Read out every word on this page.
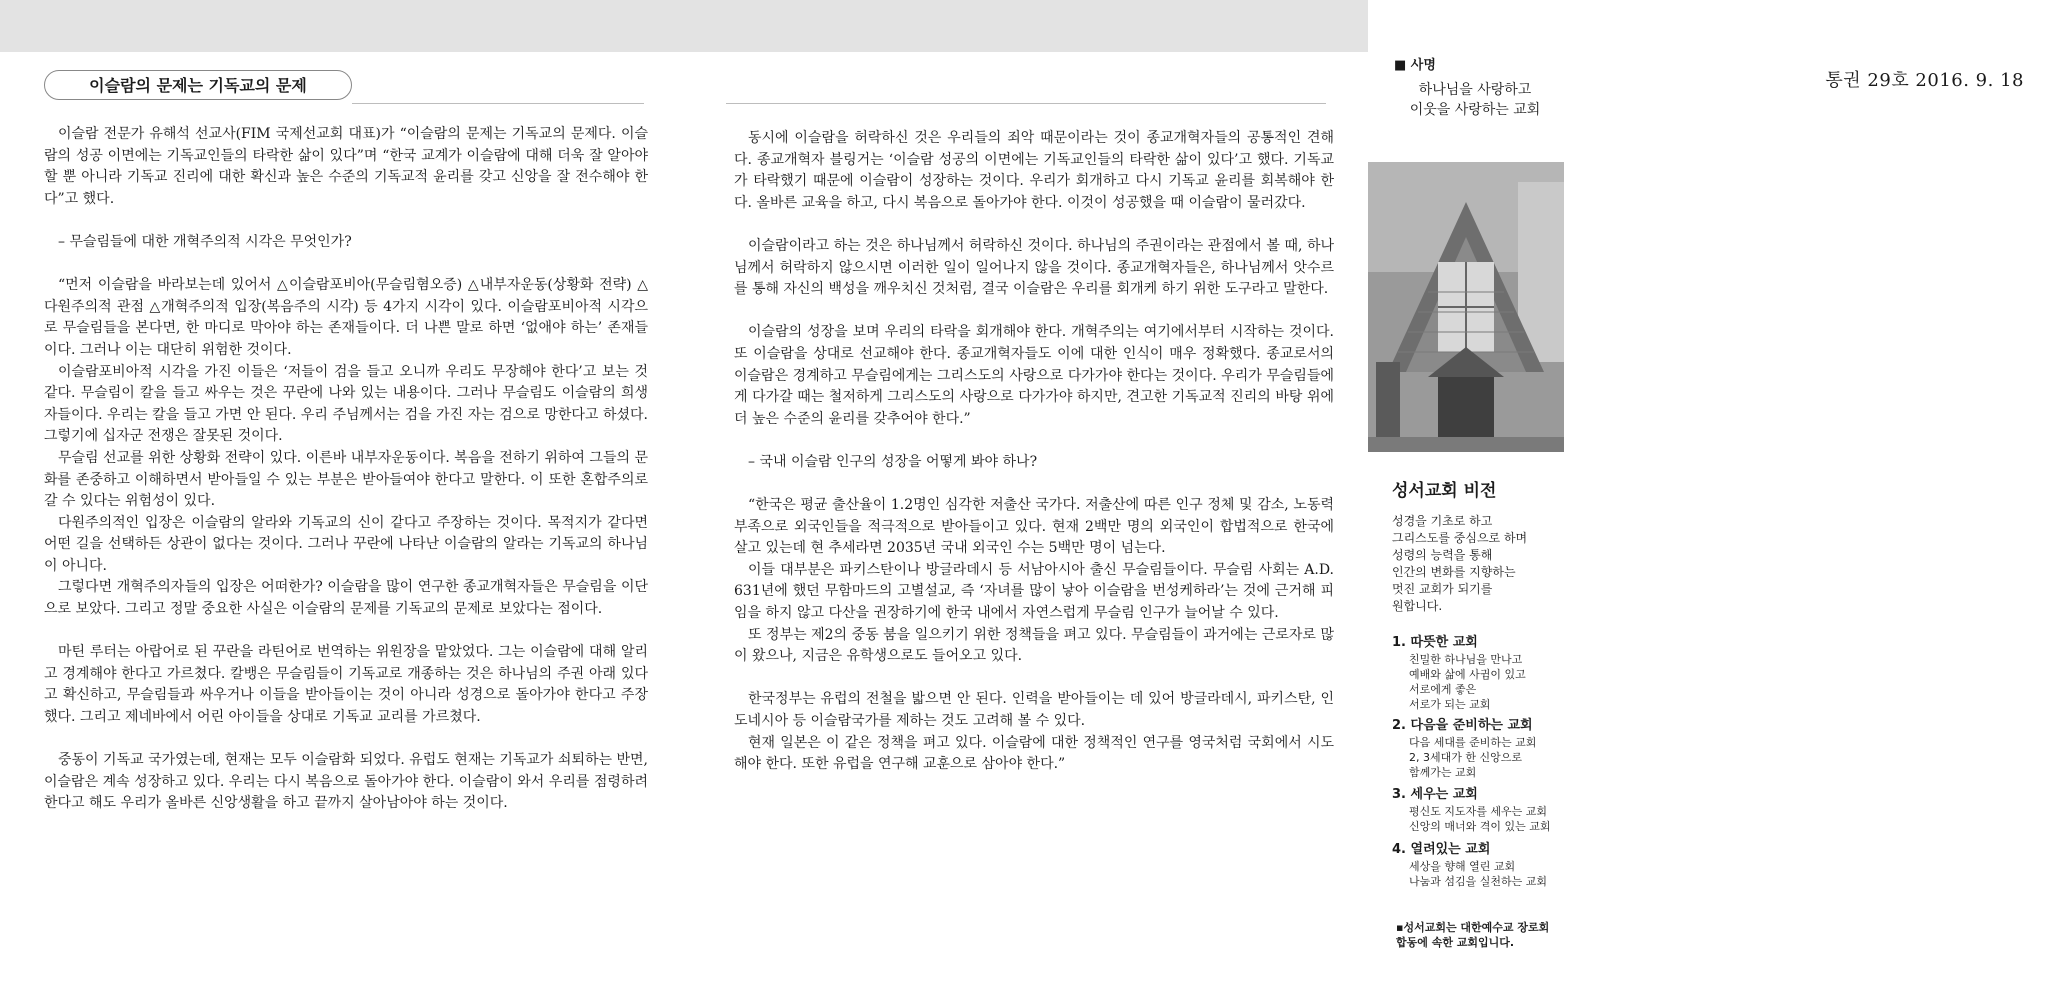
이슬람의 문제는 기독교의 문제

이슬람 전문가 유해석 선교사(FIM 국제선교회 대표)가 “이슬람의 문제는 기독교의 문제다. 이슬람의 성공 이면에는 기독교인들의 타락한 삶이 있다”며 “한국 교계가 이슬람에 대해 더욱 잘 알아야 할 뿐 아니라 기독교 진리에 대한 확신과 높은 수준의 기독교적 윤리를 갖고 신앙을 잘 전수해야 한다”고 했다.

– 무슬림들에 대한 개혁주의적 시각은 무엇인가?

“먼저 이슬람을 바라보는데 있어서 △이슬람포비아(무슬림혐오증) △내부자운동(상황화 전략) △다원주의적 관점 △개혁주의적 입장(복음주의 시각) 등 4가지 시각이 있다. 이슬람포비아적 시각으로 무슬림들을 본다면, 한 마디로 막아야 하는 존재들이다. 더 나쁜 말로 하면 ‘없애야 하는’ 존재들이다. 그러나 이는 대단히 위험한 것이다.

이슬람포비아적 시각을 가진 이들은 ‘저들이 검을 들고 오니까 우리도 무장해야 한다’고 보는 것 같다. 무슬림이 칼을 들고 싸우는 것은 꾸란에 나와 있는 내용이다. 그러나 무슬림도 이슬람의 희생자들이다. 우리는 칼을 들고 가면 안 된다. 우리 주님께서는 검을 가진 자는 검으로 망한다고 하셨다. 그렇기에 십자군 전쟁은 잘못된 것이다.

무슬림 선교를 위한 상황화 전략이 있다. 이른바 내부자운동이다. 복음을 전하기 위하여 그들의 문화를 존중하고 이해하면서 받아들일 수 있는 부분은 받아들여야 한다고 말한다. 이 또한 혼합주의로 갈 수 있다는 위험성이 있다.

다원주의적인 입장은 이슬람의 알라와 기독교의 신이 같다고 주장하는 것이다. 목적지가 같다면 어떤 길을 선택하든 상관이 없다는 것이다. 그러나 꾸란에 나타난 이슬람의 알라는 기독교의 하나님이 아니다.

그렇다면 개혁주의자들의 입장은 어떠한가? 이슬람을 많이 연구한 종교개혁자들은 무슬림을 이단으로 보았다. 그리고 정말 중요한 사실은 이슬람의 문제를 기독교의 문제로 보았다는 점이다.

마틴 루터는 아랍어로 된 꾸란을 라틴어로 번역하는 위원장을 맡았었다. 그는 이슬람에 대해 알리고 경계해야 한다고 가르쳤다. 칼뱅은 무슬림들이 기독교로 개종하는 것은 하나님의 주권 아래 있다고 확신하고, 무슬림들과 싸우거나 이들을 받아들이는 것이 아니라 성경으로 돌아가야 한다고 주장했다. 그리고 제네바에서 어린 아이들을 상대로 기독교 교리를 가르쳤다.

중동이 기독교 국가였는데, 현재는 모두 이슬람화 되었다. 유럽도 현재는 기독교가 쇠퇴하는 반면, 이슬람은 계속 성장하고 있다. 우리는 다시 복음으로 돌아가야 한다. 이슬람이 와서 우리를 점령하려 한다고 해도 우리가 올바른 신앙생활을 하고 끝까지 살아남아야 하는 것이다.

동시에 이슬람을 허락하신 것은 우리들의 죄악 때문이라는 것이 종교개혁자들의 공통적인 견해다. 종교개혁자 블링거는 ‘이슬람 성공의 이면에는 기독교인들의 타락한 삶이 있다’고 했다. 기독교가 타락했기 때문에 이슬람이 성장하는 것이다. 우리가 회개하고 다시 기독교 윤리를 회복해야 한다. 올바른 교육을 하고, 다시 복음으로 돌아가야 한다. 이것이 성공했을 때 이슬람이 물러갔다.

이슬람이라고 하는 것은 하나님께서 허락하신 것이다. 하나님의 주권이라는 관점에서 볼 때, 하나님께서 허락하지 않으시면 이러한 일이 일어나지 않을 것이다. 종교개혁자들은, 하나님께서 앗수르를 통해 자신의 백성을 깨우치신 것처럼, 결국 이슬람은 우리를 회개케 하기 위한 도구라고 말한다.

이슬람의 성장을 보며 우리의 타락을 회개해야 한다. 개혁주의는 여기에서부터 시작하는 것이다. 또 이슬람을 상대로 선교해야 한다. 종교개혁자들도 이에 대한 인식이 매우 정확했다. 종교로서의 이슬람은 경계하고 무슬림에게는 그리스도의 사랑으로 다가가야 한다는 것이다. 우리가 무슬림들에게 다가갈 때는 철저하게 그리스도의 사랑으로 다가가야 하지만, 견고한 기독교적 진리의 바탕 위에 더 높은 수준의 윤리를 갖추어야 한다.”

– 국내 이슬람 인구의 성장을 어떻게 봐야 하나?

“한국은 평균 출산율이 1.2명인 심각한 저출산 국가다. 저출산에 따른 인구 정체 및 감소, 노동력 부족으로 외국인들을 적극적으로 받아들이고 있다. 현재 2백만 명의 외국인이 합법적으로 한국에 살고 있는데 현 추세라면 2035년 국내 외국인 수는 5백만 명이 넘는다.

이들 대부분은 파키스탄이나 방글라데시 등 서남아시아 출신 무슬림들이다. 무슬림 사회는 A.D. 631년에 했던 무함마드의 고별설교, 즉 ‘자녀를 많이 낳아 이슬람을 번성케하라’는 것에 근거해 피임을 하지 않고 다산을 권장하기에 한국 내에서 자연스럽게 무슬림 인구가 늘어날 수 있다.

또 정부는 제2의 중동 붐을 일으키기 위한 정책들을 펴고 있다. 무슬림들이 과거에는 근로자로 많이 왔으나, 지금은 유학생으로도 들어오고 있다.

한국정부는 유럽의 전철을 밟으면 안 된다. 인력을 받아들이는 데 있어 방글라데시, 파키스탄, 인도네시아 등 이슬람국가를 제하는 것도 고려해 볼 수 있다.

현재 일본은 이 같은 정책을 펴고 있다. 이슬람에 대한 정책적인 연구를 영국처럼 국회에서 시도해야 한다. 또한 유럽을 연구해 교훈으로 삼아야 한다.”

■ 사명
하나님을 사랑하고
이웃을 사랑하는 교회
통권 29호 2016. 9. 18
성서교회 비전
성경을 기초로 하고
그리스도를 중심으로 하며
성령의 능력을 통해
인간의 변화를 지향하는
멋진 교회가 되기를
원합니다.
1. 따뜻한 교회
친밀한 하나님을 만나고
예배와 삶에 사귐이 있고
서로에게 좋은
서로가 되는 교회
2. 다음을 준비하는 교회
다음 세대를 준비하는 교회
2, 3세대가 한 신앙으로
함께가는 교회
3. 세우는 교회
평신도 지도자를 세우는 교회
신앙의 매너와 격이 있는 교회
4. 열려있는 교회
세상을 향해 열린 교회
나눔과 섬김을 실천하는 교회
▪성서교회는 대한예수교 장로회
합동에 속한 교회입니다.
